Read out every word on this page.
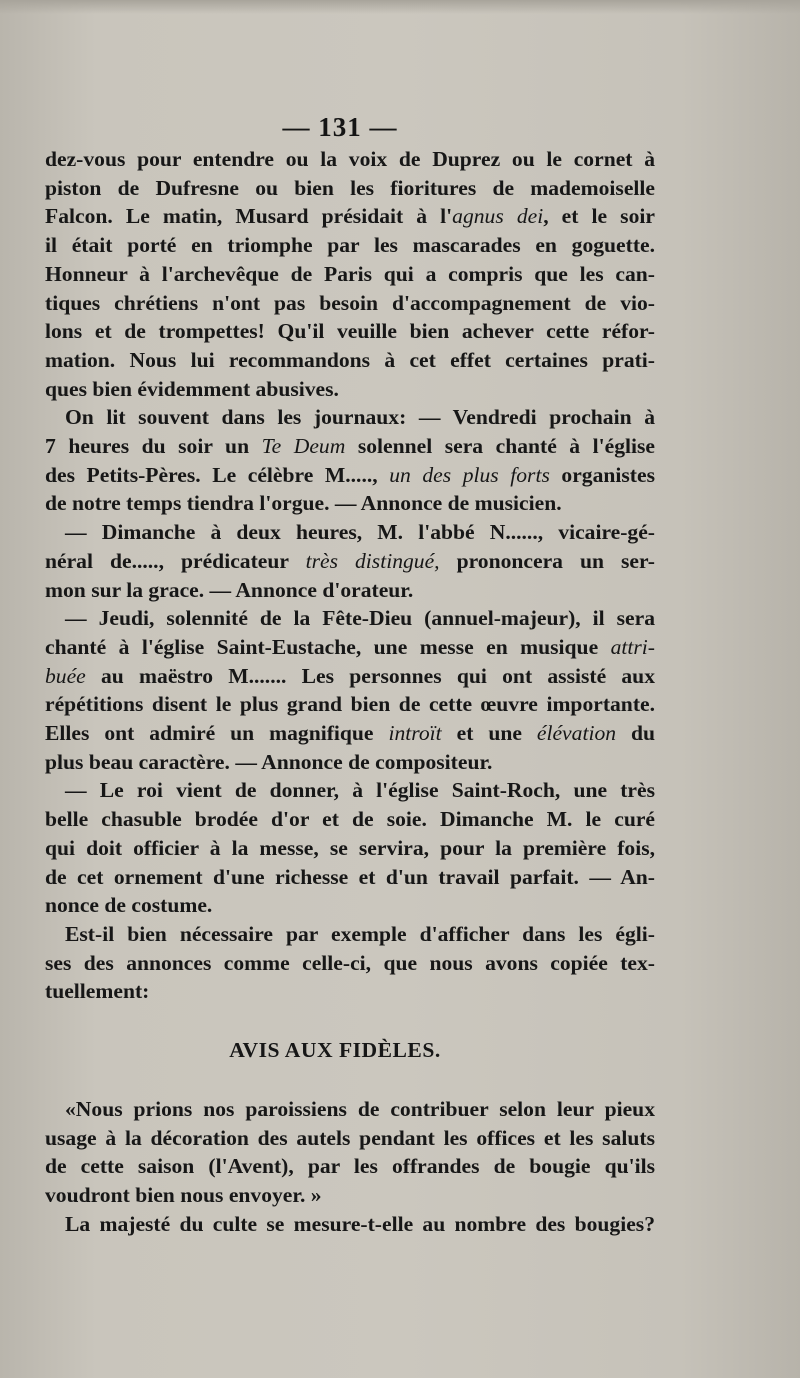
— 131 —
dez-vous pour entendre ou la voix de Duprez ou le cornet à
piston de Dufresne ou bien les fioritures de mademoiselle
Falcon. Le matin, Musard présidait à l'agnus dei, et le soir
il était porté en triomphe par les mascarades en goguette.
Honneur à l'archevêque de Paris qui a compris que les can-
tiques chrétiens n'ont pas besoin d'accompagnement de vio-
lons et de trompettes! Qu'il veuille bien achever cette réfor-
mation. Nous lui recommandons à cet effet certaines prati-
ques bien évidemment abusives.
On lit souvent dans les journaux: — Vendredi prochain à
7 heures du soir un Te Deum solennel sera chanté à l'église
des Petits-Pères. Le célèbre M....., un des plus forts organistes
de notre temps tiendra l'orgue. — Annonce de musicien.
— Dimanche à deux heures, M. l'abbé N......, vicaire-gé-
néral de....., prédicateur très distingué, prononcera un ser-
mon sur la grace. — Annonce d'orateur.
— Jeudi, solennité de la Fête-Dieu (annuel-majeur), il sera
chanté à l'église Saint-Eustache, une messe en musique attri-
buée au maëstro M....... Les personnes qui ont assisté aux
répétitions disent le plus grand bien de cette œuvre importante.
Elles ont admiré un magnifique introït et une élévation du
plus beau caractère. — Annonce de compositeur.
— Le roi vient de donner, à l'église Saint-Roch, une très
belle chasuble brodée d'or et de soie. Dimanche M. le curé
qui doit officier à la messe, se servira, pour la première fois,
de cet ornement d'une richesse et d'un travail parfait. — An-
nonce de costume.
Est-il bien nécessaire par exemple d'afficher dans les égli-
ses des annonces comme celle-ci, que nous avons copiée tex-
tuellement:
AVIS AUX FIDÈLES.
«Nous prions nos paroissiens de contribuer selon leur pieux
usage à la décoration des autels pendant les offices et les saluts
de cette saison (l'Avent), par les offrandes de bougie qu'ils
voudront bien nous envoyer. »
La majesté du culte se mesure-t-elle au nombre des bougies?
